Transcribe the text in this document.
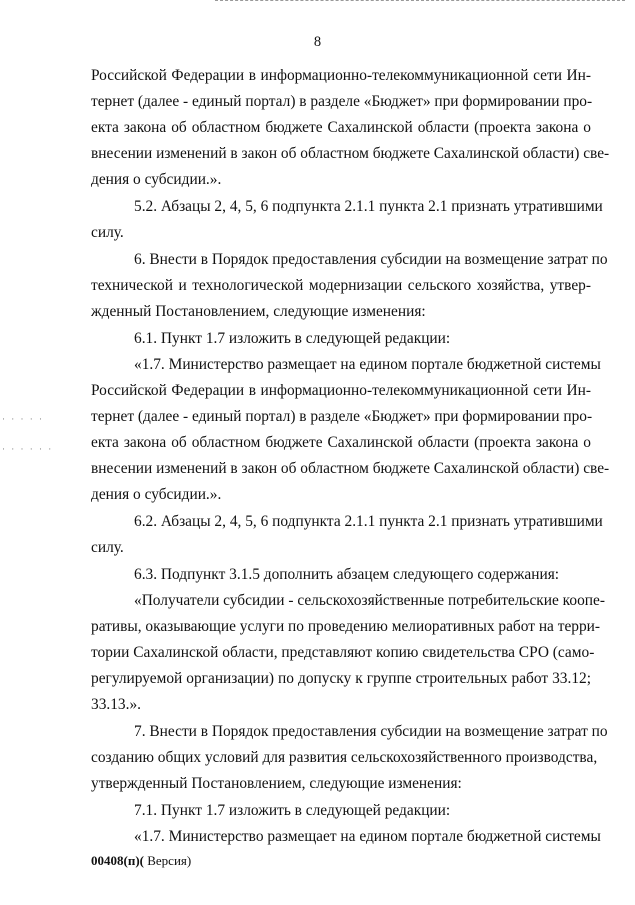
8
· · · · ·
· · · · · ·
Российской Федерации в информационно-телекоммуникационной сети Ин-
тернет (далее - единый портал) в разделе «Бюджет» при формировании про-
екта закона об областном бюджете Сахалинской области (проекта закона о
внесении изменений в закон об областном бюджете Сахалинской области) све-
дения о субсидии.».
5.2. Абзацы 2, 4, 5, 6 подпункта 2.1.1 пункта 2.1 признать утратившими
силу.
6. Внести в Порядок предоставления субсидии на возмещение затрат по
технической и технологической модернизации сельского хозяйства, утвер-
жденный Постановлением, следующие изменения:
6.1. Пункт 1.7 изложить в следующей редакции:
«1.7. Министерство размещает на едином портале бюджетной системы
Российской Федерации в информационно-телекоммуникационной сети Ин-
тернет (далее - единый портал) в разделе «Бюджет» при формировании про-
екта закона об областном бюджете Сахалинской области (проекта закона о
внесении изменений в закон об областном бюджете Сахалинской области) све-
дения о субсидии.».
6.2. Абзацы 2, 4, 5, 6 подпункта 2.1.1 пункта 2.1 признать утратившими
силу.
6.3. Подпункт 3.1.5 дополнить абзацем следующего содержания:
«Получатели субсидии - сельскохозяйственные потребительские коопе-
ративы, оказывающие услуги по проведению мелиоративных работ на терри-
тории Сахалинской области, представляют копию свидетельства СРО (само-
регулируемой организации) по допуску к группе строительных работ 33.12;
33.13.».
7. Внести в Порядок предоставления субсидии на возмещение затрат по
созданию общих условий для развития сельскохозяйственного производства,
утвержденный Постановлением, следующие изменения:
7.1. Пункт 1.7 изложить в следующей редакции:
«1.7. Министерство размещает на едином портале бюджетной системы
00408(п)( Версия)
